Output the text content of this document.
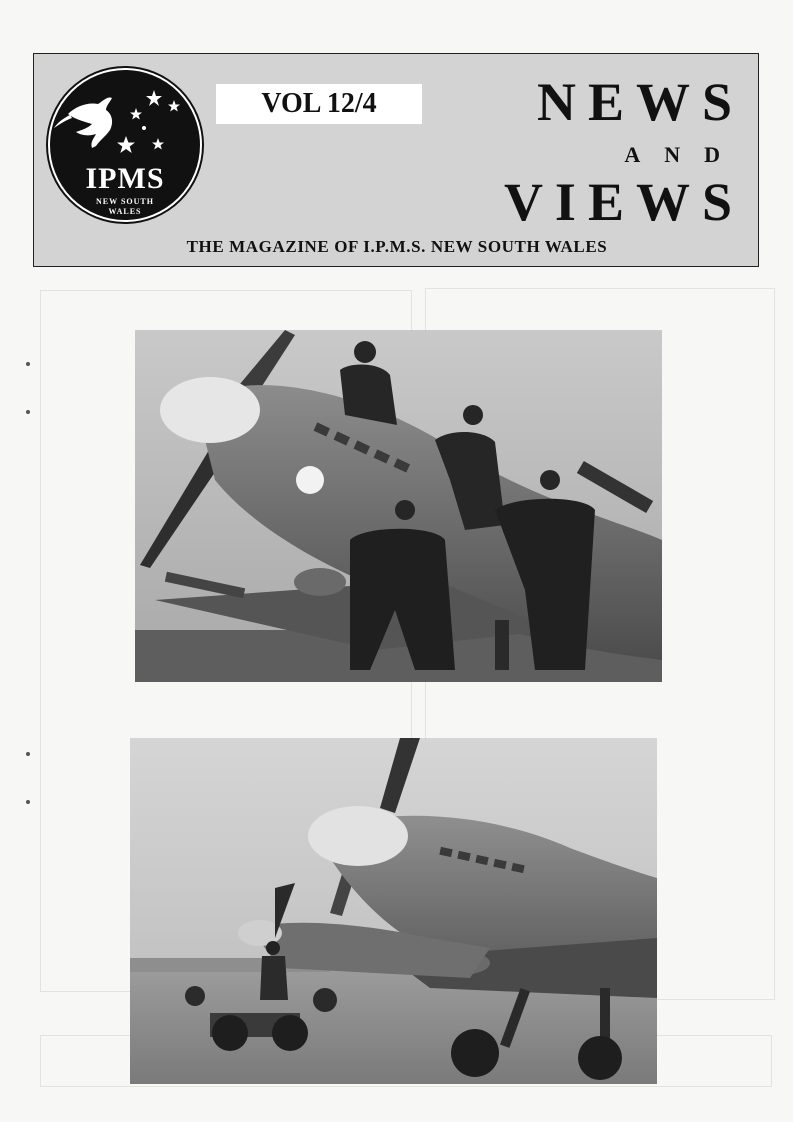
IPMS
NEW SOUTH
WALES
VOL 12/4	NEWS
AND
VIEWS
THE MAGAZINE OF I.P.M.S. NEW SOUTH WALES
